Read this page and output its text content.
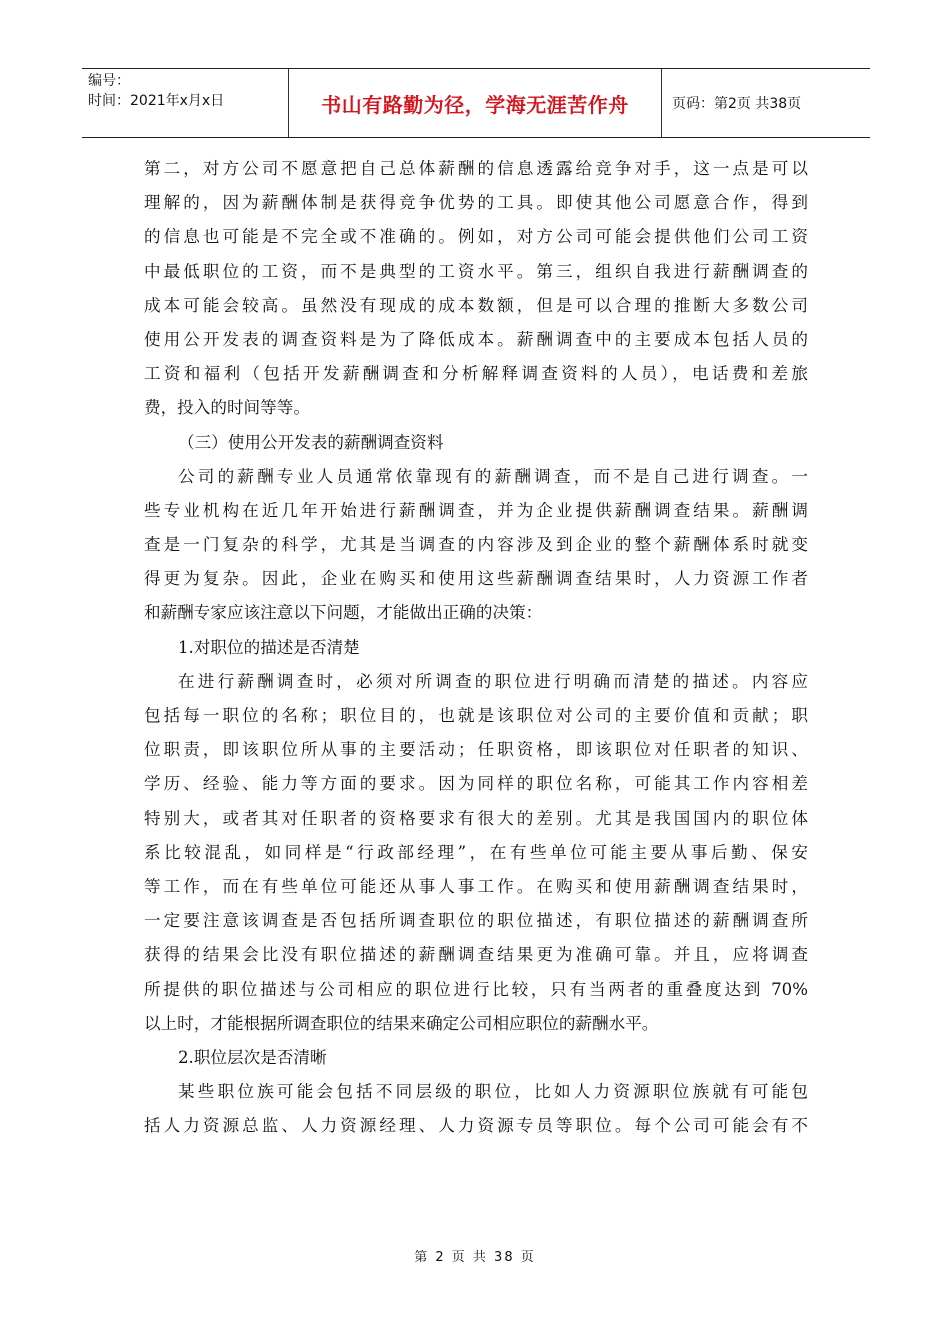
编号：
时间：2021年x月x日	书山有路勤为径，学海无涯苦作舟	页码：第2页 共38页
第二，对方公司不愿意把自己总体薪酬的信息透露给竞争对手，这一点是可以
理解的，因为薪酬体制是获得竞争优势的工具。即使其他公司愿意合作，得到
的信息也可能是不完全或不准确的。例如，对方公司可能会提供他们公司工资
中最低职位的工资，而不是典型的工资水平。第三，组织自我进行薪酬调查的
成本可能会较高。虽然没有现成的成本数额，但是可以合理的推断大多数公司
使用公开发表的调查资料是为了降低成本。薪酬调查中的主要成本包括人员的
工资和福利（包括开发薪酬调查和分析解释调查资料的人员），电话费和差旅
费，投入的时间等等。
（三）使用公开发表的薪酬调查资料
公司的薪酬专业人员通常依靠现有的薪酬调查，而不是自己进行调查。一
些专业机构在近几年开始进行薪酬调查，并为企业提供薪酬调查结果。薪酬调
查是一门复杂的科学，尤其是当调查的内容涉及到企业的整个薪酬体系时就变
得更为复杂。因此，企业在购买和使用这些薪酬调查结果时，人力资源工作者
和薪酬专家应该注意以下问题，才能做出正确的决策：
1.对职位的描述是否清楚
在进行薪酬调查时，必须对所调查的职位进行明确而清楚的描述。内容应
包括每一职位的名称；职位目的，也就是该职位对公司的主要价值和贡献；职
位职责，即该职位所从事的主要活动；任职资格，即该职位对任职者的知识、
学历、经验、能力等方面的要求。因为同样的职位名称，可能其工作内容相差
特别大，或者其对任职者的资格要求有很大的差别。尤其是我国国内的职位体
系比较混乱，如同样是“行政部经理”，在有些单位可能主要从事后勤、保安
等工作，而在有些单位可能还从事人事工作。在购买和使用薪酬调查结果时，
一定要注意该调查是否包括所调查职位的职位描述，有职位描述的薪酬调查所
获得的结果会比没有职位描述的薪酬调查结果更为准确可靠。并且，应将调查
所提供的职位描述与公司相应的职位进行比较，只有当两者的重叠度达到 70%
以上时，才能根据所调查职位的结果来确定公司相应职位的薪酬水平。
2.职位层次是否清晰
某些职位族可能会包括不同层级的职位，比如人力资源职位族就有可能包
括人力资源总监、人力资源经理、人力资源专员等职位。每个公司可能会有不
第 2 页 共 38 页
